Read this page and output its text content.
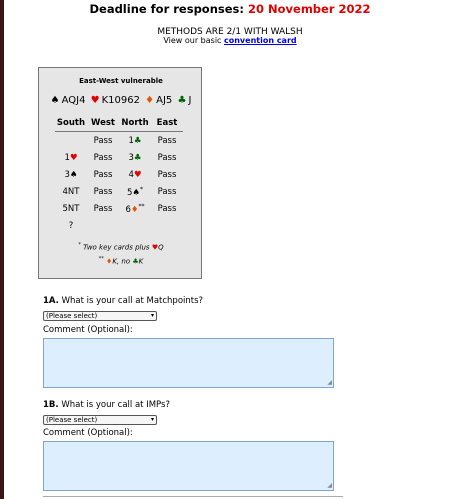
Deadline for responses: 20 November 2022
METHODS ARE 2/1 WITH WALSH
View our basic convention card
East-West vulnerable
♠ AQJ4 ♥ K10962 ♦ AJ5 ♣ J
South	West	North	East
	Pass	1♣	Pass
1♥	Pass	3♣	Pass
3♠	Pass	4♥	Pass
4NT	Pass	5♠*	Pass
5NT	Pass	6♦**	Pass
?			
* Two key cards plus ♥Q
** ♦K, no ♣K
1A. What is your call at Matchpoints?
(Please select)	▾
Comment (Optional):
◢
1B. What is your call at IMPs?
(Please select)	▾
Comment (Optional):
◢
